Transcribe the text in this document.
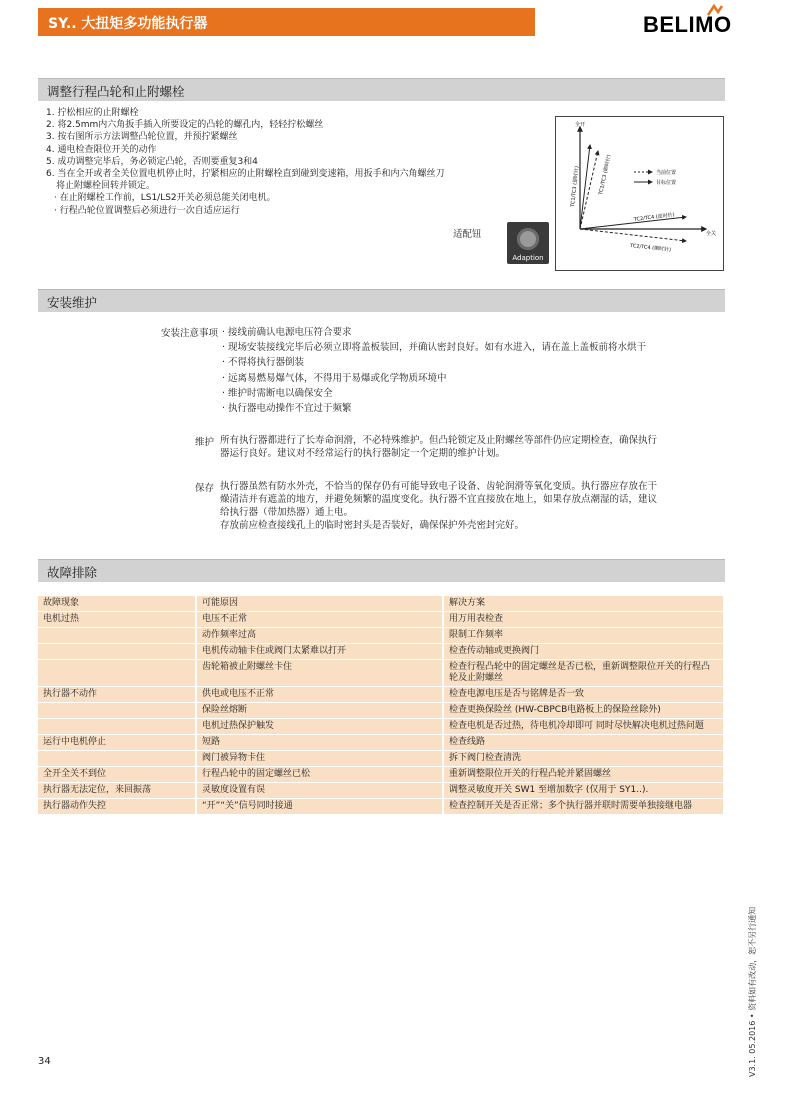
SY.. 大扭矩多功能执行器	BELIMO
调整行程凸轮和止附螺栓
1. 拧松相应的止附螺栓
2. 将2.5mm内六角扳手插入所要设定的凸轮的螺孔内，轻轻拧松螺丝
3. 按右图所示方法调整凸轮位置，并预拧紧螺丝
4. 通电检查限位开关的动作
5. 成功调整完毕后，务必锁定凸轮，否则要重复3和4
6. 当在全开或者全关位置电机停止时，拧紧相应的止附螺栓直到碰到变速箱，用扳手和内六角螺丝刀
将止附螺栓回转并锁定。
· 在止附螺栓工作前，LS1/LS2开关必须总能关闭电机。
· 行程凸轮位置调整后必须进行一次自适应运行
适配钮
Adaption
全开
全关
当前位置
目标位置
TC1/TC3 (逆时针)	TC1/TC3 (顺时针)
TC2/TC4 (逆时针)
TC2/TC4 (顺时针)
安装维护
安装注意事项 · 接线前确认电源电压符合要求
· 现场安装接线完毕后必须立即将盖板装回，并确认密封良好。如有水进入，请在盖上盖板前将水烘干
· 不得将执行器倒装
· 远离易燃易爆气体，不得用于易爆或化学物质环境中
· 维护时需断电以确保安全
· 执行器电动操作不宜过于频繁
维护 所有执行器都进行了长寿命润滑，不必特殊维护。但凸轮锁定及止附螺丝等部件仍应定期检查，确保执行
器运行良好。建议对不经常运行的执行器制定一个定期的维护计划。
保存 执行器虽然有防水外壳，不恰当的保存仍有可能导致电子设备、齿轮润滑等氧化变质。执行器应存放在干
燥清洁并有遮盖的地方，并避免频繁的温度变化。执行器不宜直接放在地上，如果存放点潮湿的话，建议
给执行器（带加热器）通上电。
存放前应检查接线孔上的临时密封头是否装好，确保保护外壳密封完好。
故障排除
故障现象	可能原因	解决方案
电机过热	电压不正常	用万用表检查
	动作频率过高	限制工作频率
	电机传动轴卡住或阀门太紧难以打开	检查传动轴或更换阀门
	齿轮箱被止附螺丝卡住	检查行程凸轮中的固定螺丝是否已松，重新调整限位开关的行程凸轮及止附螺丝
执行器不动作	供电或电压不正常	检查电源电压是否与铭牌是否一致
	保险丝熔断	检查更换保险丝 (HW-CBPCB电路板上的保险丝除外)
	电机过热保护触发	检查电机是否过热，待电机冷却即可 同时尽快解决电机过热问题
运行中电机停止	短路	检查线路
	阀门被异物卡住	拆下阀门检查清洗
全开全关不到位	行程凸轮中的固定螺丝已松	重新调整限位开关的行程凸轮并紧固螺丝
执行器无法定位，来回振荡	灵敏度设置有误	调整灵敏度开关 SW1 至增加数字 (仅用于 SY1..).
执行器动作失控	“开”“关”信号同时接通	检查控制开关是否正常；多个执行器并联时需要单独接继电器
34	V3.1. 05.2016 • 资料如有改动，恕不另行通知
